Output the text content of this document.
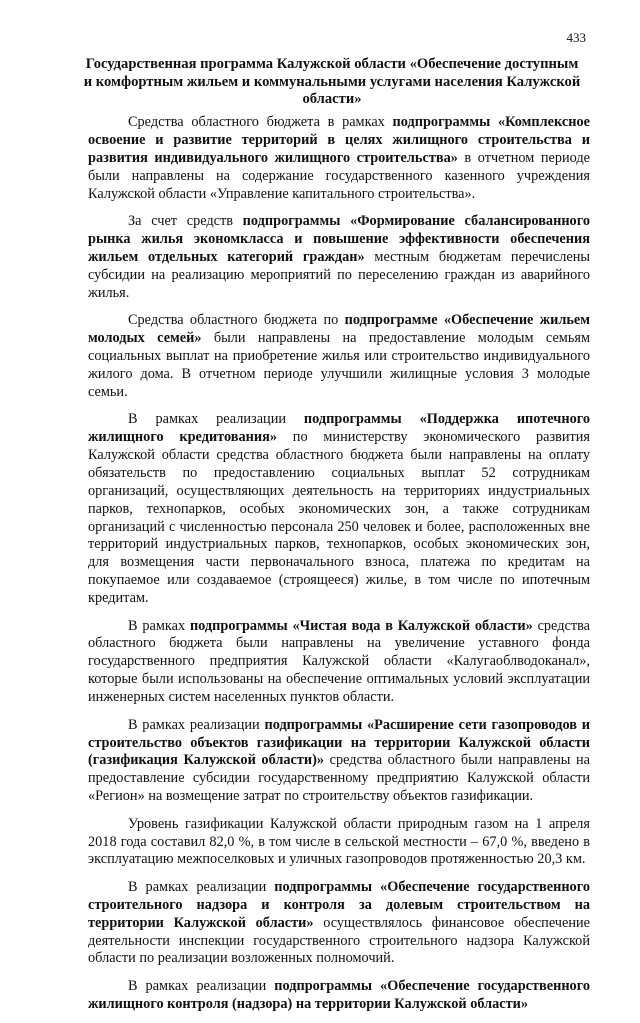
433
Государственная программа Калужской области «Обеспечение доступным и комфортным жильем и коммунальными услугами населения Калужской области»

Средства областного бюджета в рамках подпрограммы «Комплексное освоение и развитие территорий в целях жилищного строительства и развития индивидуального жилищного строительства» в отчетном периоде были направлены на содержание государственного казенного учреждения Калужской области «Управление капитального строительства».

За счет средств подпрограммы «Формирование сбалансированного рынка жилья экономкласса и повышение эффективности обеспечения жильем отдельных категорий граждан» местным бюджетам перечислены субсидии на реализацию мероприятий по переселению граждан из аварийного жилья.

Средства областного бюджета по подпрограмме «Обеспечение жильем молодых семей» были направлены на предоставление молодым семьям социальных выплат на приобретение жилья или строительство индивидуального жилого дома. В отчетном периоде улучшили жилищные условия 3 молодые семьи.

В рамках реализации подпрограммы «Поддержка ипотечного жилищного кредитования» по министерству экономического развития Калужской области средства областного бюджета были направлены на оплату обязательств по предоставлению социальных выплат 52 сотрудникам организаций, осуществляющих деятельность на территориях индустриальных парков, технопарков, особых экономических зон, а также сотрудникам организаций с численностью персонала 250 человек и более, расположенных вне территорий индустриальных парков, технопарков, особых экономических зон, для возмещения части первоначального взноса, платежа по кредитам на покупаемое или создаваемое (строящееся) жилье, в том числе по ипотечным кредитам.

В рамках подпрограммы «Чистая вода в Калужской области» средства областного бюджета были направлены на увеличение уставного фонда государственного предприятия Калужской области «Калугаоблводоканал», которые были использованы на обеспечение оптимальных условий эксплуатации инженерных систем населенных пунктов области.

В рамках реализации подпрограммы «Расширение сети газопроводов и строительство объектов газификации на территории Калужской области (газификация Калужской области)» средства областного были направлены на предоставление субсидии государственному предприятию Калужской области «Регион» на возмещение затрат по строительству объектов газификации.

Уровень газификации Калужской области природным газом на 1 апреля 2018 года составил 82,0 %, в том числе в сельской местности – 67,0 %, введено в эксплуатацию межпоселковых и уличных газопроводов протяженностью 20,3 км.

В рамках реализации подпрограммы «Обеспечение государственного строительного надзора и контроля за долевым строительством на территории Калужской области» осуществлялось финансовое обеспечение деятельности инспекции государственного строительного надзора Калужской области по реализации возложенных полномочий.

В рамках реализации подпрограммы «Обеспечение государственного жилищного контроля (надзора) на территории Калужской области»
